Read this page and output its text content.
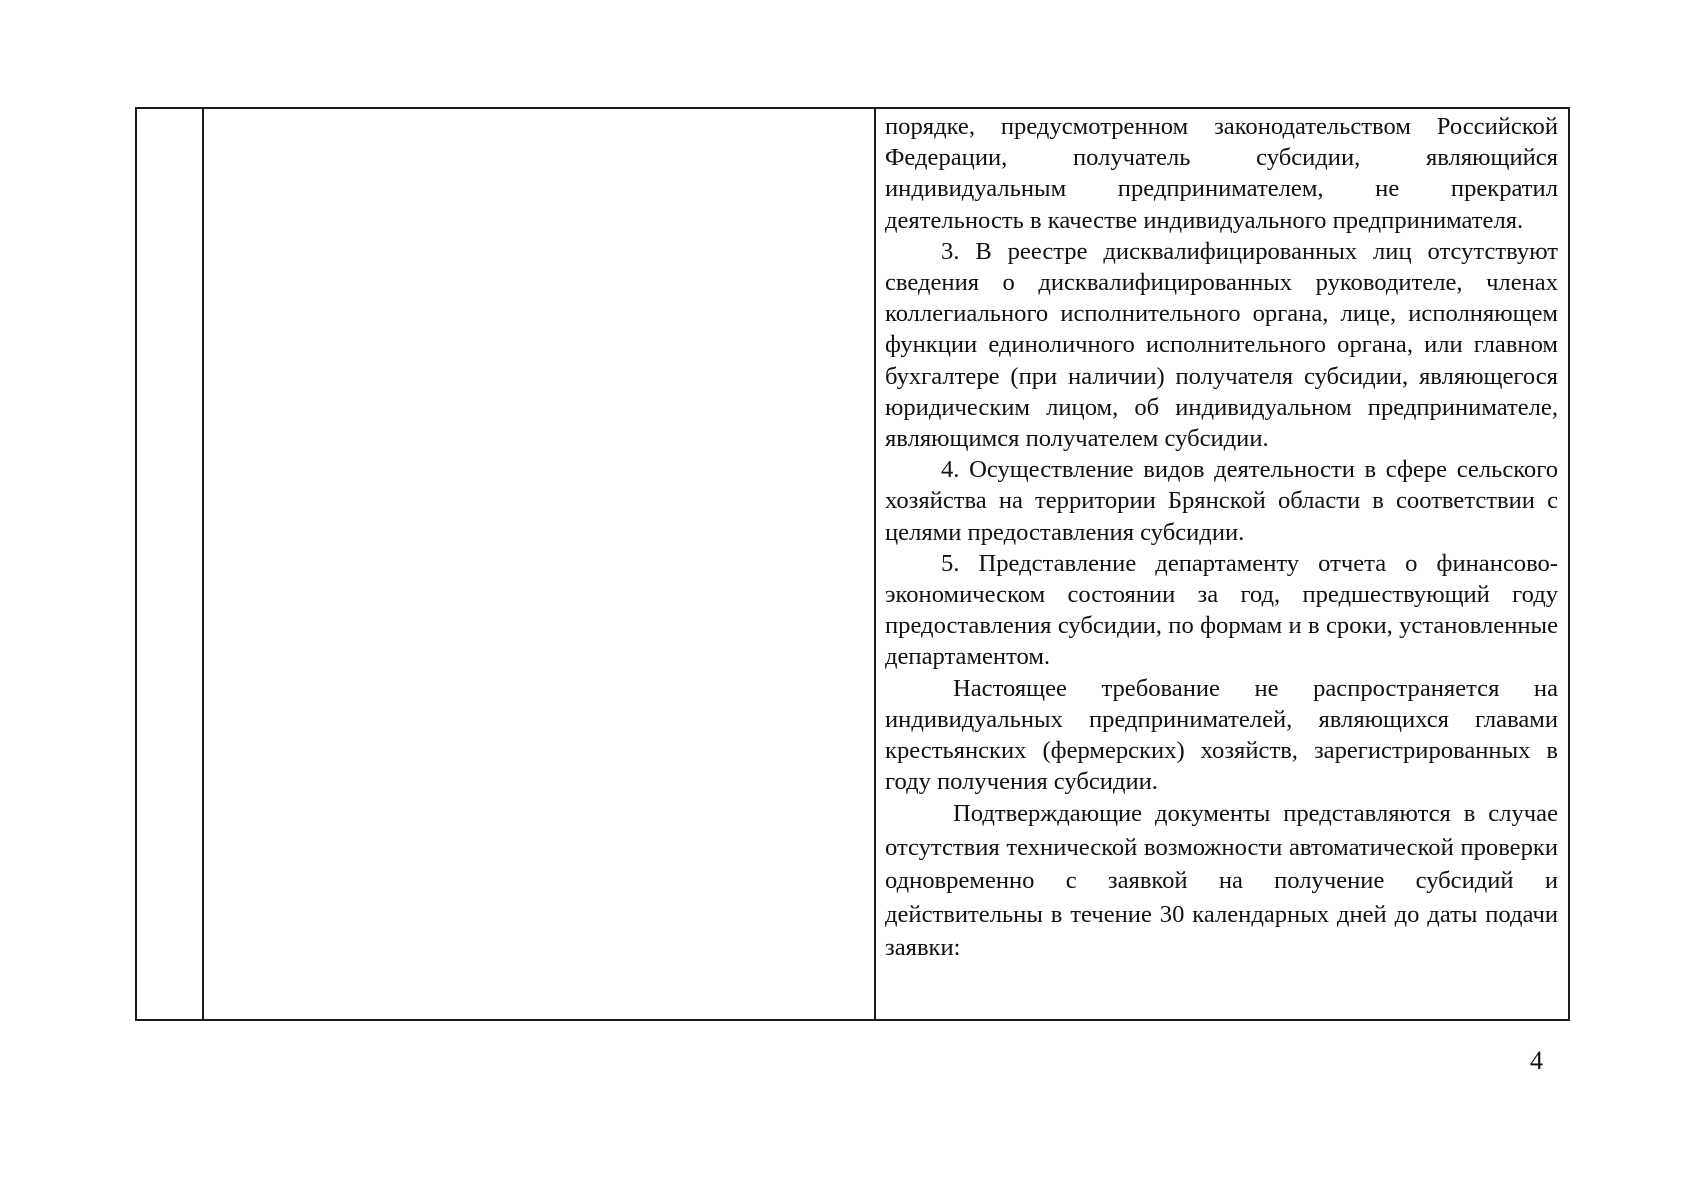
порядке, предусмотренном законодательством Российской Федерации, получатель субсидии, являющийся индивидуальным предпринимателем, не прекратил деятельность в качестве индивидуального предпринимателя.

3. В реестре дисквалифицированных лиц отсутствуют сведения о дисквалифицированных руководителе, членах коллегиального исполнительного органа, лице, исполняющем функции единоличного исполнительного органа, или главном бухгалтере (при наличии) получателя субсидии, являющегося юридическим лицом, об индивидуальном предпринимателе, являющимся получателем субсидии.

4. Осуществление видов деятельности в сфере сельского хозяйства на территории Брянской области в соответствии с целями предоставления субсидии.

5. Представление департаменту отчета о финансово-экономическом состоянии за год, предшествующий году предоставления субсидии, по формам и в сроки, установленные департаментом.

Настоящее требование не распространяется на индивидуальных предпринимателей, являющихся главами крестьянских (фермерских) хозяйств, зарегистрированных в году получения субсидии.

Подтверждающие документы представляются в случае отсутствия технической возможности автоматической проверки одновременно с заявкой на получение субсидий и действительны в течение 30 календарных дней до даты подачи заявки:

4
